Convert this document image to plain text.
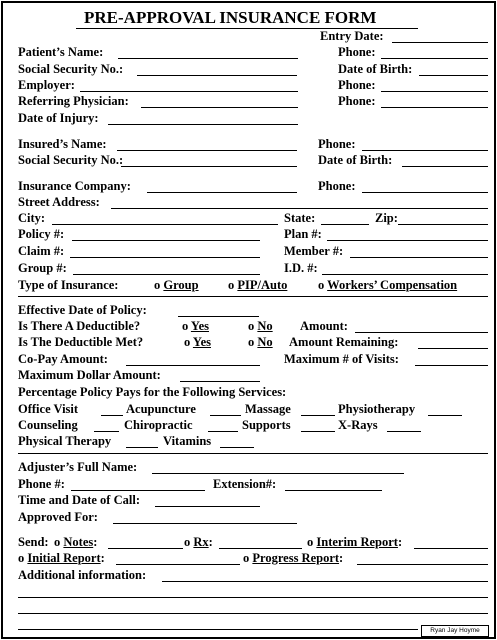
PRE-APPROVAL INSURANCE FORM
Entry Date:
Patient’s Name:	Phone:
Social Security No.:	Date of Birth:
Employer:	Phone:
Referring Physician:	Phone:
Date of Injury:
Insured’s Name:	Phone:
Social Security No.:	Date of Birth:
Insurance Company:	Phone:
Street Address:
City:	State:	Zip:
Policy #:	Plan #:
Claim #:	Member #:
Group #:	I.D. #:
Type of Insurance:	o Group o PIP/Auto o Workers’ Compensation
Effective Date of Policy:
Is There A Deductible?	o Yes	o No Amount:
Is The Deductible Met?	o Yes	o No Amount Remaining:
Co-Pay Amount:	Maximum # of Visits:
Maximum Dollar Amount:
Percentage Policy Pays for the Following Services:
Office Visit	Acupuncture	Massage	Physiotherapy
Counseling	Chiropractic	Supports	X-Rays
Physical Therapy	Vitamins
Adjuster’s Full Name:
Phone #:	Extension#:
Time and Date of Call:
Approved For:
Send: o Notes:	o Rx:	o Interim Report:
o Initial Report:	o Progress Report:
Additional information:
Ryan Jay Hoyme
